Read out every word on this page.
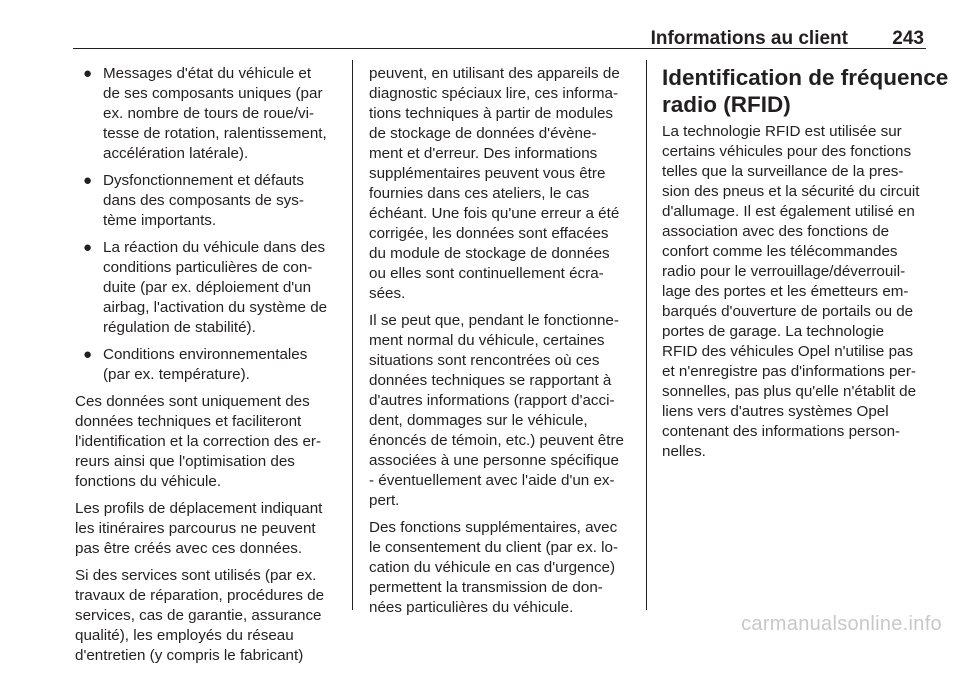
Informations au client 243
● Messages d'état du véhicule et
de ses composants uniques (par
ex. nombre de tours de roue/vi-
tesse de rotation, ralentissement,
accélération latérale).
● Dysfonctionnement et défauts
dans des composants de sys-
tème importants.
● La réaction du véhicule dans des
conditions particulières de con-
duite (par ex. déploiement d'un
airbag, l'activation du système de
régulation de stabilité).
● Conditions environnementales
(par ex. température).

Ces données sont uniquement des
données techniques et faciliteront
l'identification et la correction des er-
reurs ainsi que l'optimisation des
fonctions du véhicule.

Les profils de déplacement indiquant
les itinéraires parcourus ne peuvent
pas être créés avec ces données.

Si des services sont utilisés (par ex.
travaux de réparation, procédures de
services, cas de garantie, assurance
qualité), les employés du réseau
d'entretien (y compris le fabricant)

peuvent, en utilisant des appareils de
diagnostic spéciaux lire, ces informa-
tions techniques à partir de modules
de stockage de données d'évène-
ment et d'erreur. Des informations
supplémentaires peuvent vous être
fournies dans ces ateliers, le cas
échéant. Une fois qu'une erreur a été
corrigée, les données sont effacées
du module de stockage de données
ou elles sont continuellement écra-
sées.

Il se peut que, pendant le fonctionne-
ment normal du véhicule, certaines
situations sont rencontrées où ces
données techniques se rapportant à
d'autres informations (rapport d'acci-
dent, dommages sur le véhicule,
énoncés de témoin, etc.) peuvent être
associées à une personne spécifique
- éventuellement avec l'aide d'un ex-
pert.

Des fonctions supplémentaires, avec
le consentement du client (par ex. lo-
cation du véhicule en cas d'urgence)
permettent la transmission de don-
nées particulières du véhicule.

Identification de fréquence
radio (RFID)

La technologie RFID est utilisée sur
certains véhicules pour des fonctions
telles que la surveillance de la pres-
sion des pneus et la sécurité du circuit
d'allumage. Il est également utilisé en
association avec des fonctions de
confort comme les télécommandes
radio pour le verrouillage/déverrouil-
lage des portes et les émetteurs em-
barqués d'ouverture de portails ou de
portes de garage. La technologie
RFID des véhicules Opel n'utilise pas
et n'enregistre pas d'informations per-
sonnelles, pas plus qu'elle n'établit de
liens vers d'autres systèmes Opel
contenant des informations person-
nelles.

carmanualsonline.info
